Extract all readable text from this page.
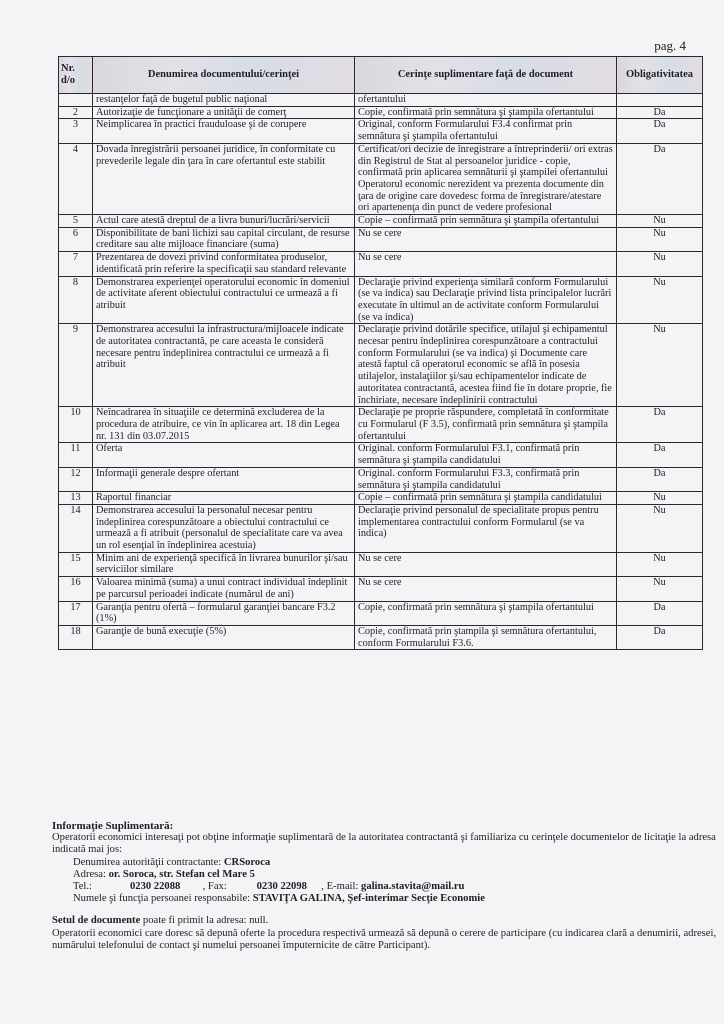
pag. 4
Nr. d/o	Denumirea documentului/cerinţei	Cerinţe suplimentare faţă de document	Obligativitatea
	restanţelor faţă de bugetul public naţional	ofertantului	
2	Autorizaţie de funcţionare a unităţii de comerţ	Copie, confirmată prin semnătura şi ştampila ofertantului	Da
3	Neimplicarea în practici frauduloase şi de corupere	Original, conform Formularului F3.4 confirmat prin semnătura şi ştampila ofertantului	Da
4	Dovada înregistrării persoanei juridice, în conformitate cu prevederile legale din ţara în care ofertantul este stabilit	Certificat/ori decizie de înregistrare a întreprinderii/ ori extras din Registrul de Stat al persoanelor juridice - copie, confirmată prin aplicarea semnăturii şi ştampilei ofertantului Operatorul economic nerezident va prezenta documente din ţara de origine care dovedesc forma de înregistrare/atestare ori apartenenţa din punct de vedere profesional	Da
5	Actul care atestă dreptul de a livra bunuri/lucrări/servicii	Copie – confirmată prin semnătura şi ştampila ofertantului	Nu
6	Disponibilitate de bani lichizi sau capital circulant, de resurse creditare sau alte mijloace financiare (suma)	Nu se cere	Nu
7	Prezentarea de dovezi privind conformitatea produselor, identificată prin referire la specificaţii sau standard relevante	Nu se cere	Nu
8	Demonstrarea experienţei operatorului economic în domeniul de activitate aferent obiectului contractului ce urmează a fi atribuit	Declaraţie privind experienţa similară conform Formularului (se va indica) sau Declaraţie privind lista principalelor lucrări executate în ultimul an de activitate conform Formularului (se va indica)	Nu
9	Demonstrarea accesului la infrastructura/mijloacele indicate de autoritatea contractantă, pe care aceasta le consideră necesare pentru îndeplinirea contractului ce urmează a fi atribuit	Declaraţie privind dotările specifice, utilajul şi echipamentul necesar pentru îndeplinirea corespunzătoare a contractului conform Formularului (se va indica) şi Documente care atestă faptul că operatorul economic se află în posesia utilajelor, instalaţiilor şi/sau echipamentelor indicate de autoritatea contractantă, acestea fiind fie în dotare proprie, fie închiriate, necesare îndeplinirii contractului	Nu
10	Neîncadrarea în situaţiile ce determină excluderea de la procedura de atribuire, ce vin în aplicarea art. 18 din Legea nr. 131 din 03.07.2015	Declaraţie pe proprie răspundere, completată în conformitate cu Formularul (F 3.5), confirmată prin semnătura şi ştampila ofertantului	Da
11	Oferta	Original. conform Formularului F3.1, confirmată prin semnătura şi ştampila candidatului	Da
12	Informaţii generale despre ofertant	Original. conform Formularului F3.3, confirmată prin semnătura şi ştampila candidatului	Da
13	Raportul financiar	Copie – confirmată prin semnătura şi ştampila candidatului	Nu
14	Demonstrarea accesului la personalul necesar pentru îndeplinirea corespunzătoare a obiectului contractului ce urmează a fi atribuit (personalul de specialitate care va avea un rol esenţial în îndeplinirea acestuia)	Declaraţie privind personalul de specialitate propus pentru implementarea contractului conform Formularul (se va indica)	Nu
15	Minim ani de experienţă specifică în livrarea bunurilor şi/sau serviciilor similare	Nu se cere	Nu
16	Valoarea minimă (suma) a unui contract individual îndeplinit pe parcursul perioadei indicate (numărul de ani)	Nu se cere	Nu
17	Garanţia pentru ofertă – formularul garanţiei bancare F3.2 (1%)	Copie, confirmată prin semnătura şi ştampila ofertantului	Da
18	Garanţie de bună execuţie (5%)	Copie, confirmată prin ştampila şi semnătura ofertantului, conform Formularului F3.6.	Da
Informaţie Suplimentară:
Operatorii economici interesaţi pot obţine informaţie suplimentară de la autoritatea contractantă şi familiariza cu cerinţele documentelor de licitaţie la adresa indicată mai jos:
Denumirea autorităţii contractante: CRSoroca
Adresa: or. Soroca, str. Stefan cel Mare 5
Tel.:	0230 22088 , Fax:	0230 22098 , E-mail: galina.stavita@mail.ru
Numele şi funcţia persoanei responsabile: STAVIŢA GALINA, Şef-interimar Secţie Economie
Setul de documente poate fi primit la adresa: null.
Operatorii economici care doresc să depună oferte la procedura respectivă urmează să depună o cerere de participare (cu indicarea clară a denumirii, adresei, numărului telefonului de contact şi numelui persoanei împuternicite de către Participant).
